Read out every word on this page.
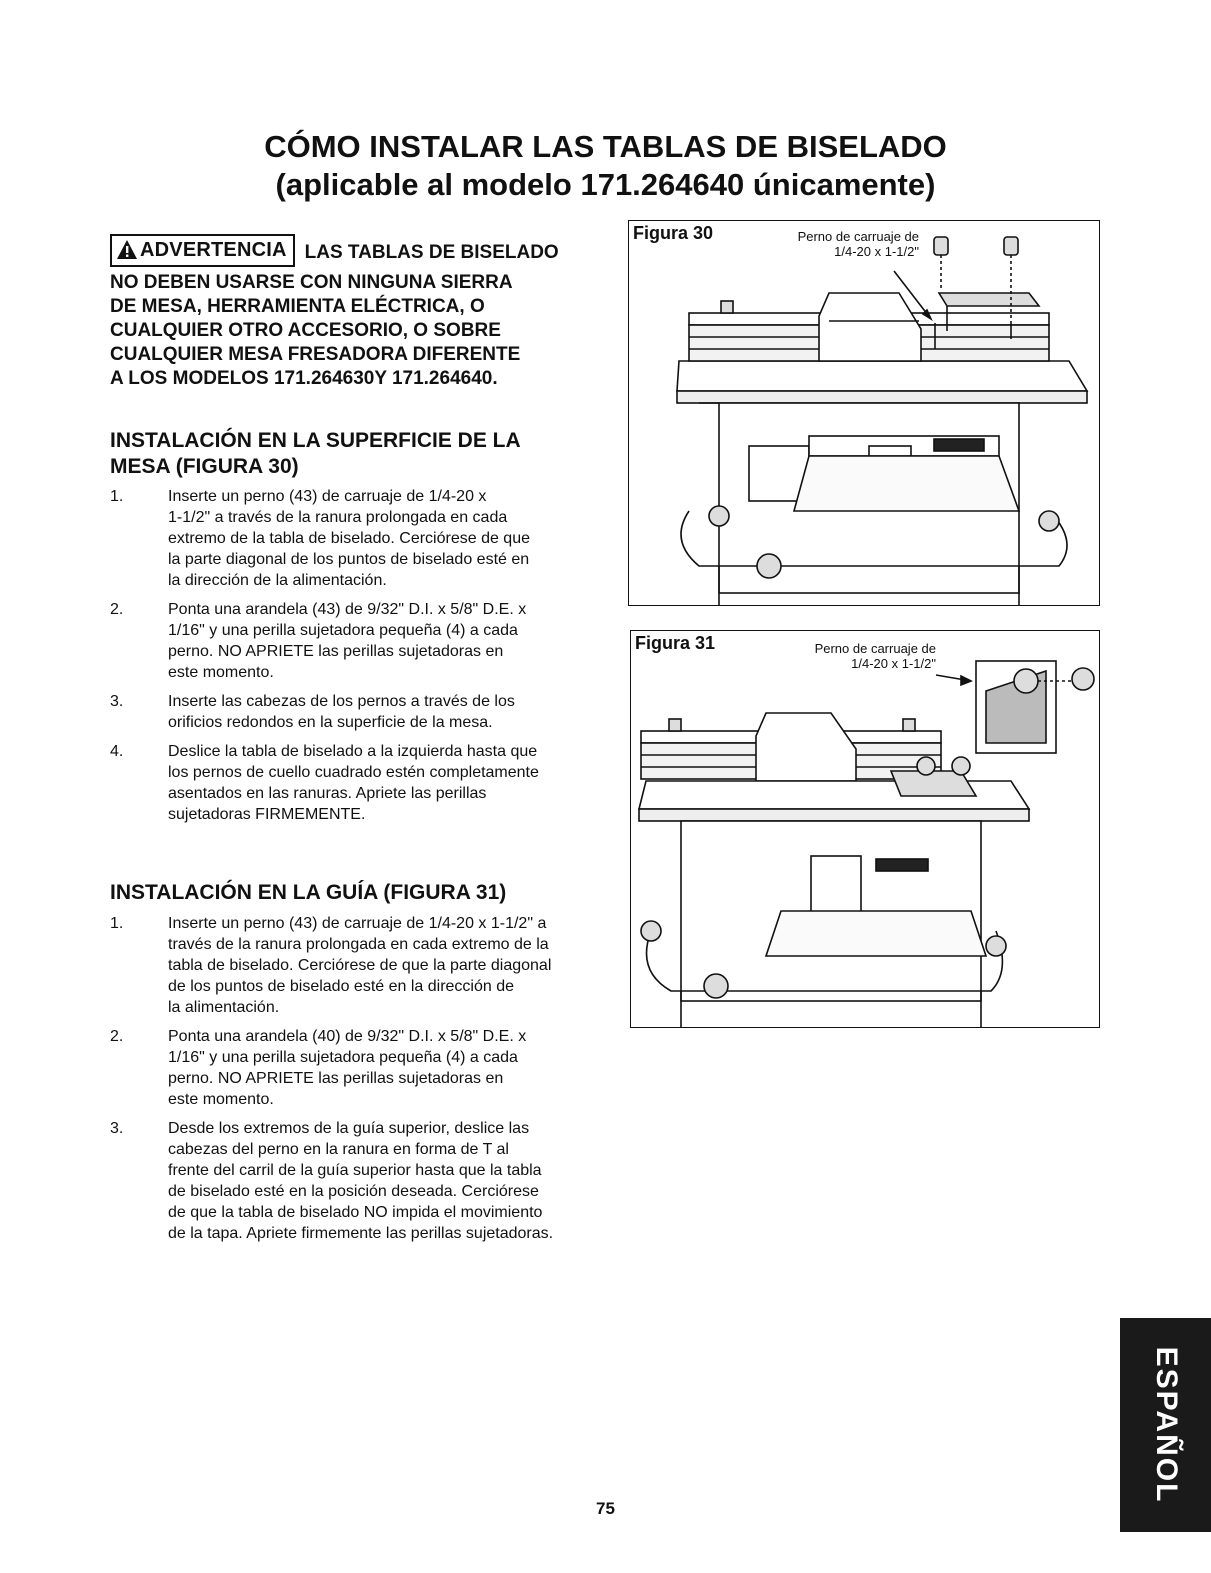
CÓMO INSTALAR LAS TABLAS DE BISELADO
(aplicable al modelo 171.264640 únicamente)
ADVERTENCIA LAS TABLAS DE BISELADO
NO DEBEN USARSE CON NINGUNA SIERRA
DE MESA, HERRAMIENTA ELÉCTRICA, O
CUALQUIER OTRO ACCESORIO, O SOBRE
CUALQUIER MESA FRESADORA DIFERENTE
A LOS MODELOS 171.264630Y 171.264640.
INSTALACIÓN EN LA SUPERFICIE DE LA
MESA (FIGURA 30)
1.	Inserte un perno (43) de carruaje de 1/4-20 x
1-1/2" a través de la ranura prolongada en cada
extremo de la tabla de biselado. Cerciórese de que
la parte diagonal de los puntos de biselado esté en
la dirección de la alimentación.
2.	Ponta una arandela (43) de 9/32" D.I. x 5/8" D.E. x
1/16" y una perilla sujetadora pequeña (4) a cada
perno. NO APRIETE las perillas sujetadoras en
este momento.
3.	Inserte las cabezas de los pernos a través de los
orificios redondos en la superficie de la mesa.
4.	Deslice la tabla de biselado a la izquierda hasta que
los pernos de cuello cuadrado estén completamente
asentados en las ranuras. Apriete las perillas
sujetadoras FIRMEMENTE.
INSTALACIÓN EN LA GUÍA (FIGURA 31)
1.	Inserte un perno (43) de carruaje de 1/4-20 x 1-1/2" a
través de la ranura prolongada en cada extremo de la
tabla de biselado. Cerciórese de que la parte diagonal
de los puntos de biselado esté en la dirección de
la alimentación.
2.	Ponta una arandela (40) de 9/32" D.I. x 5/8" D.E. x
1/16" y una perilla sujetadora pequeña (4) a cada
perno. NO APRIETE las perillas sujetadoras en
este momento.
3.	Desde los extremos de la guía superior, deslice las
cabezas del perno en la ranura en forma de T al
frente del carril de la guía superior hasta que la tabla
de biselado esté en la posición deseada. Cerciórese
de que la tabla de biselado NO impida el movimiento
de la tapa. Apriete firmemente las perillas sujetadoras.
Figura 30	Perno de carruaje de
1/4-20 x 1-1/2"
Figura 31	Perno de carruaje de
1/4-20 x 1-1/2"
75
ESPAÑOL
